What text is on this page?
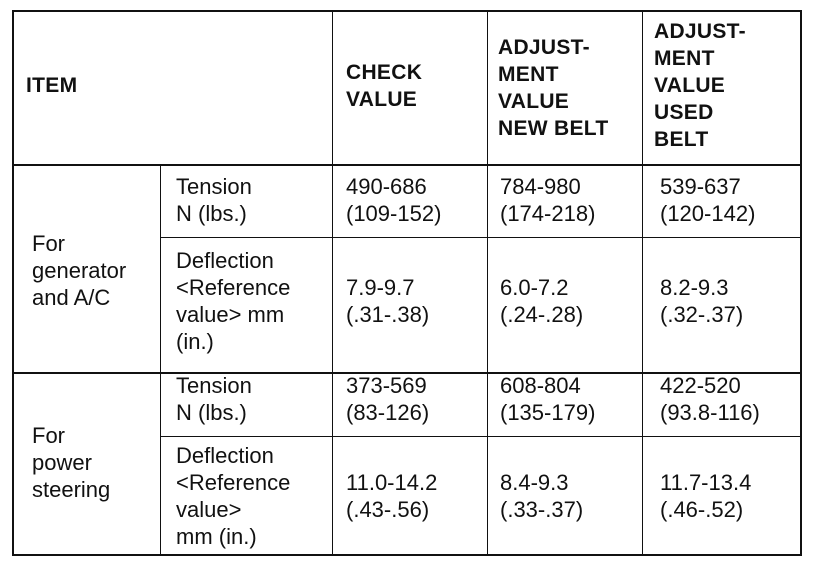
ITEM
CHECK
VALUE
ADJUST-
MENT
VALUE
NEW BELT
ADJUST-
MENT
VALUE
USED
BELT
For
generator
and A/C
Tension
N (lbs.)
490-686
(109-152)
784-980
(174-218)
539-637
(120-142)
Deflection
<Reference
value> mm
(in.)
7.9-9.7
(.31-.38)
6.0-7.2
(.24-.28)
8.2-9.3
(.32-.37)
For
power
steering
Tension
N (lbs.)
373-569
(83-126)
608-804
(135-179)
422-520
(93.8-116)
Deflection
<Reference
value>
mm (in.)
11.0-14.2
(.43-.56)
8.4-9.3
(.33-.37)
11.7-13.4
(.46-.52)
